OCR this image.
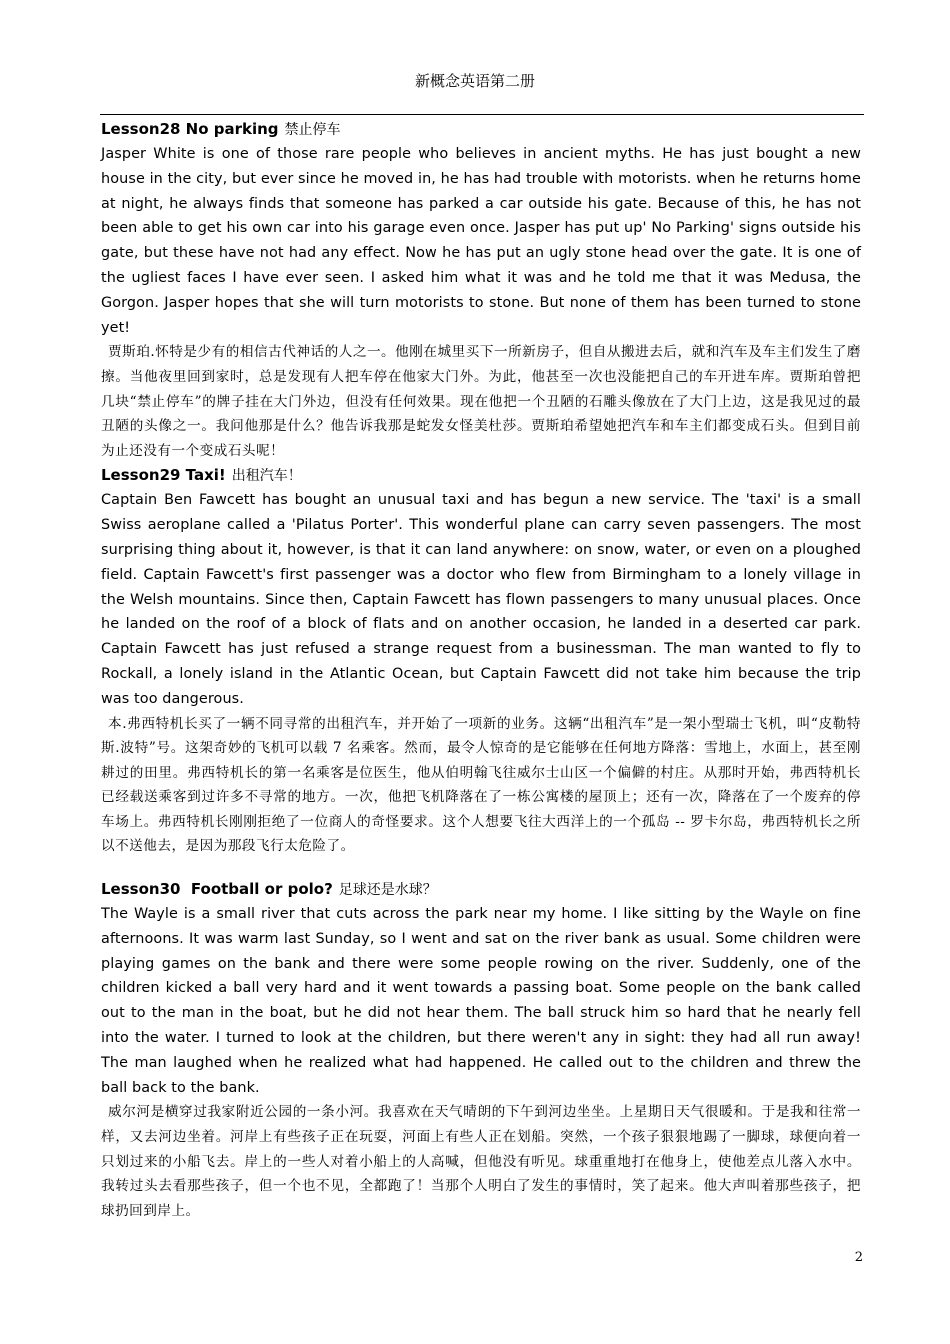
新概念英语第二册
Lesson28 No parking 禁止停车
Jasper White is one of those rare people who believes in ancient myths. He has just bought a new house in the city, but ever since he moved in, he has had trouble with motorists. when he returns home at night, he always finds that someone has parked a car outside his gate. Because of this, he has not been able to get his own car into his garage even once. Jasper has put up' No Parking' signs outside his gate, but these have not had any effect. Now he has put an ugly stone head over the gate. It is one of the ugliest faces I have ever seen. I asked him what it was and he told me that it was Medusa, the Gorgon. Jasper hopes that she will turn motorists to stone. But none of them has been turned to stone yet!
贾斯珀.怀特是少有的相信古代神话的人之一。他刚在城里买下一所新房子，但自从搬进去后，就和汽车及车主们发生了磨擦。当他夜里回到家时，总是发现有人把车停在他家大门外。为此，他甚至一次也没能把自己的车开进车库。贾斯珀曾把几块“禁止停车”的牌子挂在大门外边，但没有任何效果。现在他把一个丑陋的石雕头像放在了大门上边，这是我见过的最丑陋的头像之一。我问他那是什么？他告诉我那是蛇发女怪美杜莎。贾斯珀希望她把汽车和车主们都变成石头。但到目前为止还没有一个变成石头呢！
Lesson29 Taxi! 出租汽车！
Captain Ben Fawcett has bought an unusual taxi and has begun a new service. The 'taxi' is a small Swiss aeroplane called a 'Pilatus Porter'. This wonderful plane can carry seven passengers. The most surprising thing about it, however, is that it can land anywhere: on snow, water, or even on a ploughed field. Captain Fawcett's first passenger was a doctor who flew from Birmingham to a lonely village in the Welsh mountains. Since then, Captain Fawcett has flown passengers to many unusual places. Once he landed on the roof of a block of flats and on another occasion, he landed in a deserted car park. Captain Fawcett has just refused a strange request from a businessman. The man wanted to fly to Rockall, a lonely island in the Atlantic Ocean, but Captain Fawcett did not take him because the trip was too dangerous.
本.弗西特机长买了一辆不同寻常的出租汽车，并开始了一项新的业务。这辆“出租汽车”是一架小型瑞士飞机，叫“皮勒特斯.波特”号。这架奇妙的飞机可以载 7 名乘客。然而，最令人惊奇的是它能够在任何地方降落：雪地上，水面上，甚至刚耕过的田里。弗西特机长的第一名乘客是位医生，他从伯明翰飞往威尔士山区一个偏僻的村庄。从那时开始，弗西特机长已经载送乘客到过许多不寻常的地方。一次，他把飞机降落在了一栋公寓楼的屋顶上；还有一次，降落在了一个废弃的停车场上。弗西特机长刚刚拒绝了一位商人的奇怪要求。这个人想要飞往大西洋上的一个孤岛 -- 罗卡尔岛，弗西特机长之所以不送他去，是因为那段飞行太危险了。
Lesson30  Football or polo? 足球还是水球？
The Wayle is a small river that cuts across the park near my home. I like sitting by the Wayle on fine afternoons. It was warm last Sunday, so I went and sat on the river bank as usual. Some children were playing games on the bank and there were some people rowing on the river. Suddenly, one of the children kicked a ball very hard and it went towards a passing boat. Some people on the bank called out to the man in the boat, but he did not hear them. The ball struck him so hard that he nearly fell into the water. I turned to look at the children, but there weren't any in sight: they had all run away! The man laughed when he realized what had happened. He called out to the children and threw the ball back to the bank.
威尔河是横穿过我家附近公园的一条小河。我喜欢在天气晴朗的下午到河边坐坐。上星期日天气很暖和。于是我和往常一样，又去河边坐着。河岸上有些孩子正在玩耍，河面上有些人正在划船。突然，一个孩子狠狠地踢了一脚球，球便向着一只划过来的小船飞去。岸上的一些人对着小船上的人高喊，但他没有听见。球重重地打在他身上，使他差点儿落入水中。我转过头去看那些孩子，但一个也不见，全都跑了！当那个人明白了发生的事情时，笑了起来。他大声叫着那些孩子，把球扔回到岸上。
2
